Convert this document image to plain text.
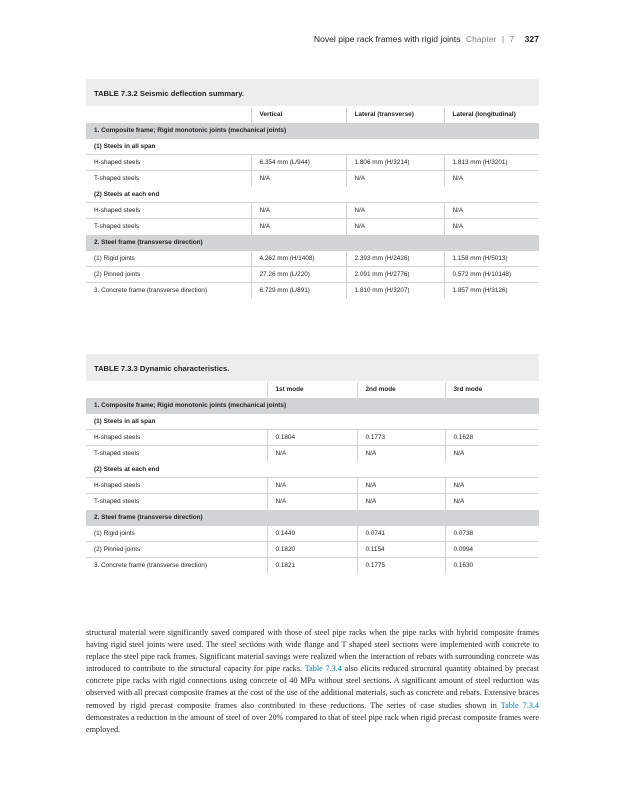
Novel pipe rack frames with rigid joints Chapter | 7 327
TABLE 7.3.2 Seismic deflection summary.
	Vertical	Lateral (transverse)	Lateral (longitudinal)
1. Composite frame; Rigid monotonic joints (mechanical joints)			
(1) Steels in all span			
H-shaped steels	6.354 mm (L/944)	1.806 mm (H/3214)	1.813 mm (H/3201)
T-shaped steels	N/A	N/A	N/A
(2) Steels at each end			
H-shaped steels	N/A	N/A	N/A
T-shaped steels	N/A	N/A	N/A
2. Steel frame (transverse direction)			
(1) Rigid joints	4.262 mm (H/1408)	2.393 mm (H/2426)	1.158 mm (H/5013)
(2) Pinned joints	27.26 mm (L/220)	2.091 mm (H/2776)	0.572 mm (H/10148)
3. Concrete frame (transverse direction)	6.729 mm (L/891)	1.810 mm (H/3207)	1.857 mm (H/3126)
TABLE 7.3.3 Dynamic characteristics.
	1st mode	2nd mode	3rd mode
1. Composite frame; Rigid monotonic joints (mechanical joints)			
(1) Steels in all span			
H-shaped steels	0.1804	0.1773	0.1628
T-shaped steels	N/A	N/A	N/A
(2) Steels at each end			
H-shaped steels	N/A	N/A	N/A
T-shaped steels	N/A	N/A	N/A
2. Steel frame (transverse direction)			
(1) Rigid joints	0.1449	0.0741	0.0738
(2) Pinned joints	0.1820	0.1154	0.0994
3. Concrete frame (transverse direction)	0.1821	0.1775	0.1630
structural material were significantly saved compared with those of steel pipe racks when the pipe racks with hybrid composite frames having rigid steel joints were used. The steel sections with wide flange and T shaped steel sections were implemented with concrete to replace the steel pipe rack frames. Significant material savings were realized when the interaction of rebars with surrounding concrete was introduced to contribute to the structural capacity for pipe racks. Table 7.3.4 also elicits reduced structural quantity obtained by precast concrete pipe racks with rigid connections using concrete of 40 MPa without steel sections. A significant amount of steel reduction was observed with all precast composite frames at the cost of the use of the additional materials, such as concrete and rebars. Extensive braces removed by rigid precast composite frames also contributed to these reductions. The series of case studies shown in Table 7.3.4 demonstrates a reduction in the amount of steel of over 20% compared to that of steel pipe rack when rigid precast composite frames were employed.
